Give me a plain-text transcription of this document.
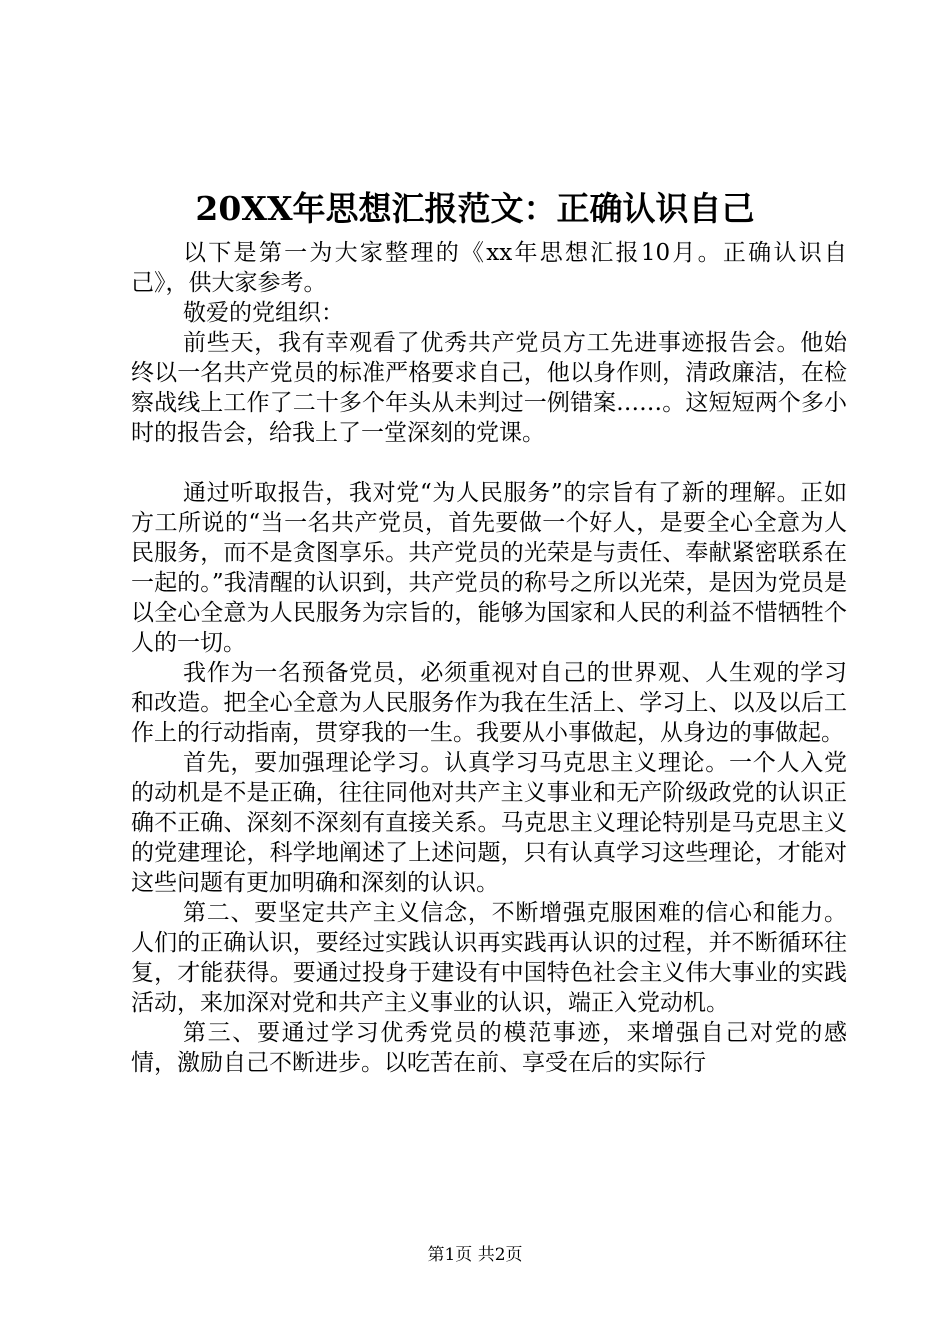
20XX年思想汇报范文：正确认识自己

以下是第一为大家整理的《xx年思想汇报10月。正确认识自己》，供大家参考。

敬爱的党组织：

前些天，我有幸观看了优秀共产党员方工先进事迹报告会。他始终以一名共产党员的标准严格要求自己，他以身作则，清政廉洁，在检察战线上工作了二十多个年头从未判过一例错案……。这短短两个多小时的报告会，给我上了一堂深刻的党课。

通过听取报告，我对党“为人民服务”的宗旨有了新的理解。正如方工所说的“当一名共产党员，首先要做一个好人，是要全心全意为人民服务，而不是贪图享乐。共产党员的光荣是与责任、奉献紧密联系在一起的。”我清醒的认识到，共产党员的称号之所以光荣，是因为党员是以全心全意为人民服务为宗旨的，能够为国家和人民的利益不惜牺牲个人的一切。

我作为一名预备党员，必须重视对自己的世界观、人生观的学习和改造。把全心全意为人民服务作为我在生活上、学习上、以及以后工作上的行动指南，贯穿我的一生。我要从小事做起，从身边的事做起。

首先，要加强理论学习。认真学习马克思主义理论。一个人入党的动机是不是正确，往往同他对共产主义事业和无产阶级政党的认识正确不正确、深刻不深刻有直接关系。马克思主义理论特别是马克思主义的党建理论，科学地阐述了上述问题，只有认真学习这些理论，才能对这些问题有更加明确和深刻的认识。

第二、要坚定共产主义信念，不断增强克服困难的信心和能力。人们的正确认识，要经过实践认识再实践再认识的过程，并不断循环往复，才能获得。要通过投身于建设有中国特色社会主义伟大事业的实践活动，来加深对党和共产主义事业的认识，端正入党动机。

第三、要通过学习优秀党员的模范事迹，来增强自己对党的感情，激励自己不断进步。以吃苦在前、享受在后的实际行

第1页 共2页
